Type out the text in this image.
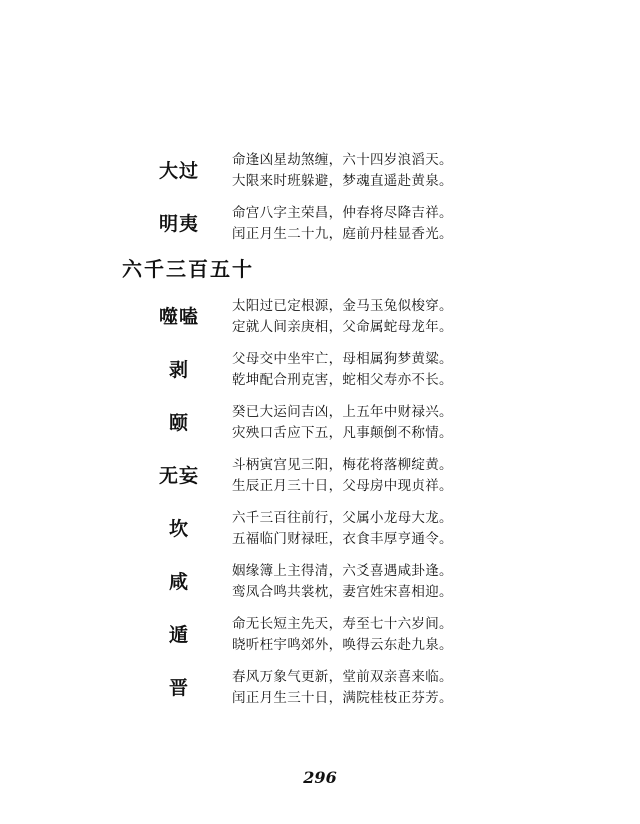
大过	命逢凶星劫煞缠，六十四岁浪滔天。
大限来时班躲避，梦魂直遥赴黄泉。
明夷	命宫八字主荣昌，仲春将尽降吉祥。
闰正月生二十九，庭前丹桂显香光。
六千三百五十
噬嗑	太阳过已定根源，金马玉兔似梭穿。
定就人间亲庚相，父命属蛇母龙年。
剥	父母交中坐牢亡，母相属狗梦黄粱。
乾坤配合刑克害，蛇相父寿亦不长。
颐	癸已大运问吉凶，上五年中财禄兴。
灾殃口舌应下五，凡事颠倒不称情。
无妄	斗柄寅宫见三阳，梅花将落柳绽黄。
生辰正月三十日，父母房中现贞祥。
坎	六千三百往前行，父属小龙母大龙。
五福临门财禄旺，衣食丰厚亨通令。
咸	姻缘簿上主得清，六爻喜遇咸卦逢。
鸾凤合鸣共裳枕，妻宫姓宋喜相迎。
遁	命无长短主先天，寿至七十六岁间。
晓听枉宇鸣郊外，唤得云东赴九泉。
晋	春风万象气更新，堂前双亲喜来临。
闰正月生三十日，满院桂枝正芬芳。
296
